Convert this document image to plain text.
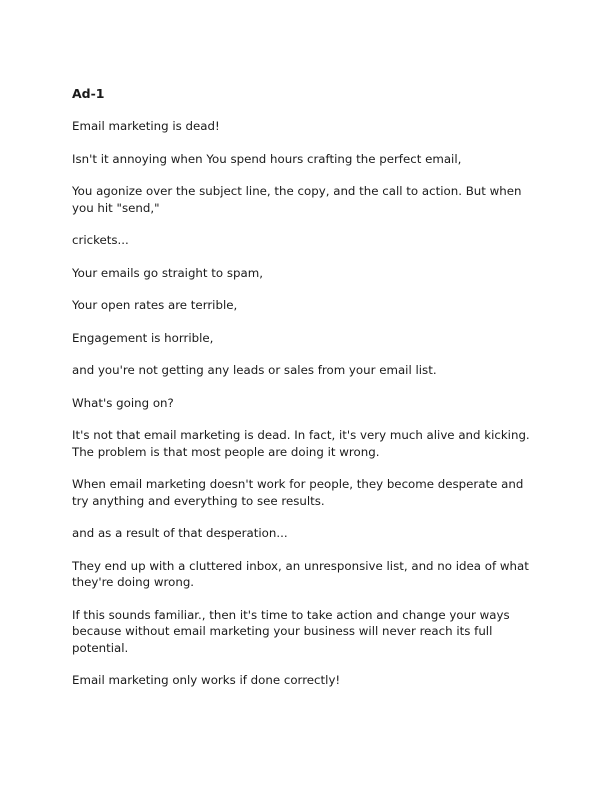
Ad-1

Email marketing is dead!

Isn't it annoying when You spend hours crafting the perfect email,

You agonize over the subject line, the copy, and the call to action. But when you hit "send,"

crickets...

Your emails go straight to spam,

Your open rates are terrible,

Engagement is horrible,

and you're not getting any leads or sales from your email list.

What's going on?

It's not that email marketing is dead. In fact, it's very much alive and kicking. The problem is that most people are doing it wrong.

When email marketing doesn't work for people, they become desperate and try anything and everything to see results.

and as a result of that desperation...

They end up with a cluttered inbox, an unresponsive list, and no idea of what they're doing wrong.

If this sounds familiar., then it's time to take action and change your ways because without email marketing your business will never reach its full potential.

Email marketing only works if done correctly!
